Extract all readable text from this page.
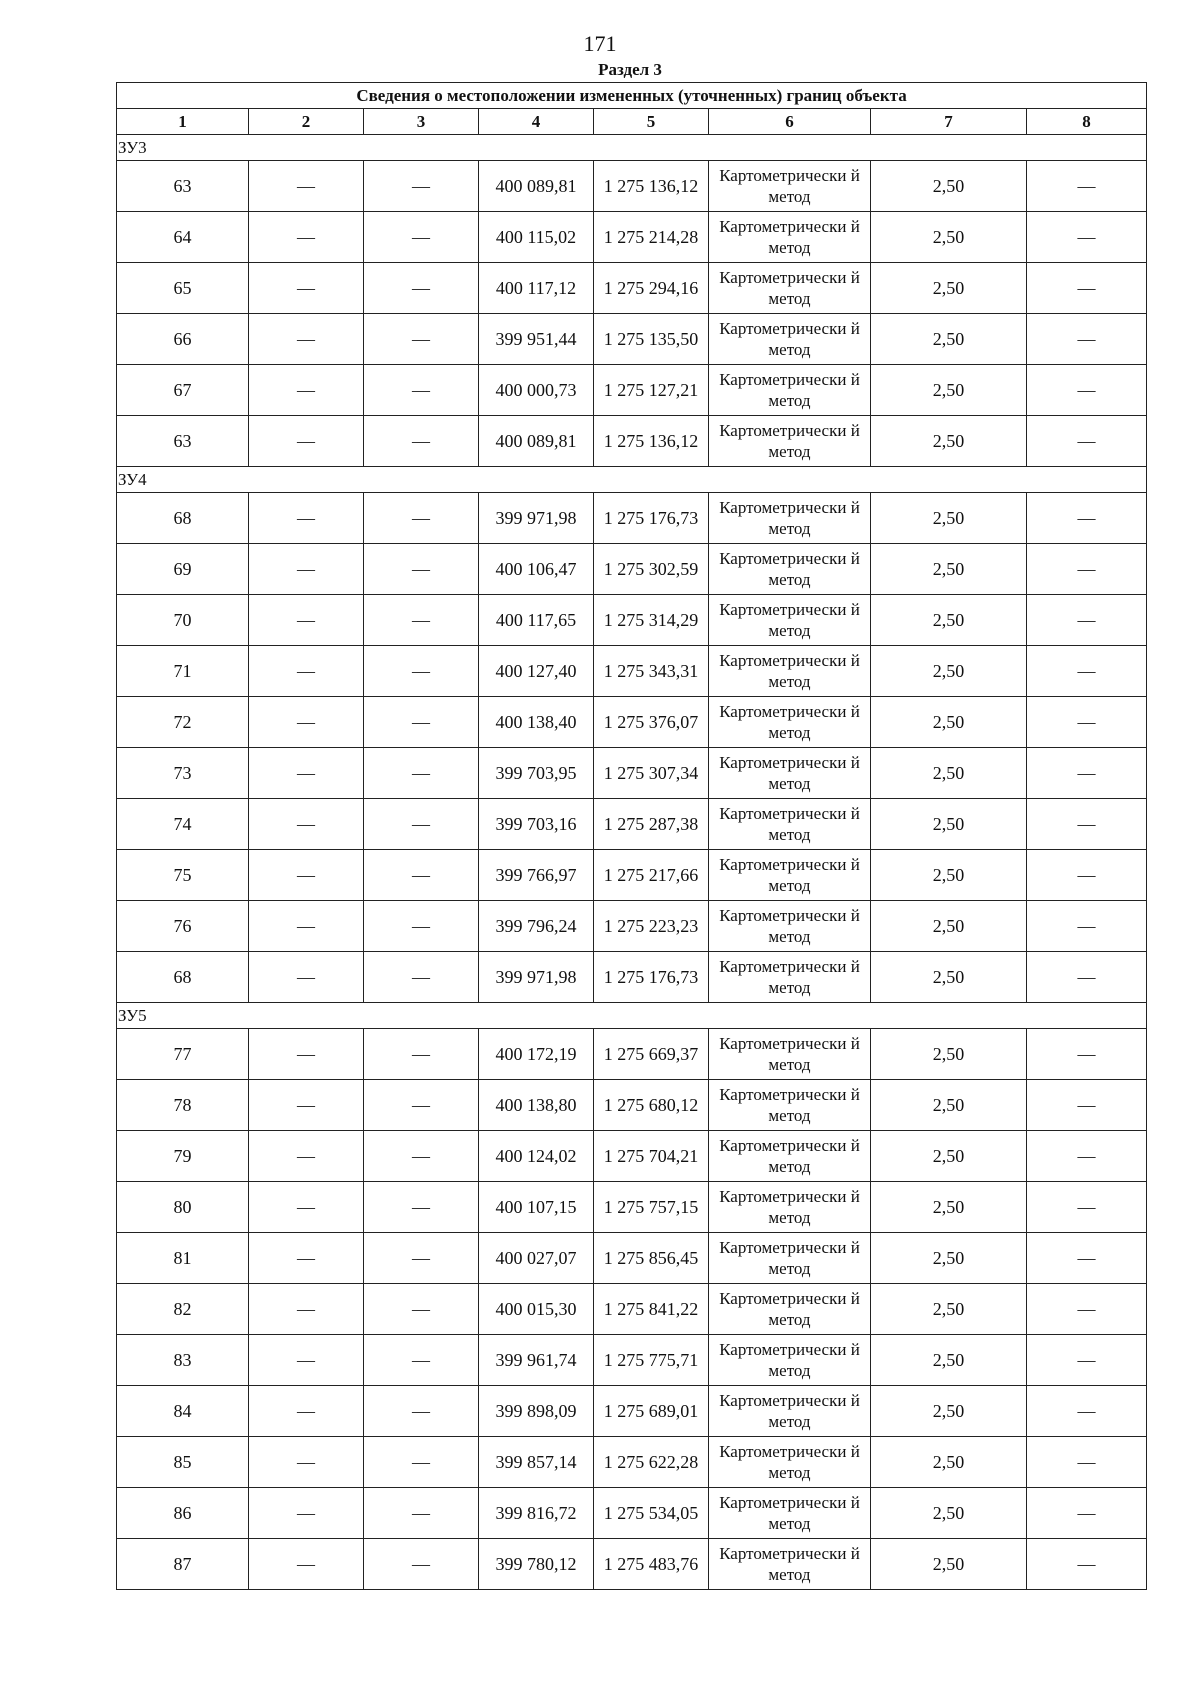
171
Раздел 3
Сведения о местоположении измененных (уточненных) границ объекта							
1	2	3	4	5	6	7	8
ЗУ3							
63	—	—	400 089,81	1 275 136,12	Картометрически й метод	2,50	—
64	—	—	400 115,02	1 275 214,28	Картометрически й метод	2,50	—
65	—	—	400 117,12	1 275 294,16	Картометрически й метод	2,50	—
66	—	—	399 951,44	1 275 135,50	Картометрически й метод	2,50	—
67	—	—	400 000,73	1 275 127,21	Картометрически й метод	2,50	—
63	—	—	400 089,81	1 275 136,12	Картометрически й метод	2,50	—
ЗУ4							
68	—	—	399 971,98	1 275 176,73	Картометрически й метод	2,50	—
69	—	—	400 106,47	1 275 302,59	Картометрически й метод	2,50	—
70	—	—	400 117,65	1 275 314,29	Картометрически й метод	2,50	—
71	—	—	400 127,40	1 275 343,31	Картометрически й метод	2,50	—
72	—	—	400 138,40	1 275 376,07	Картометрически й метод	2,50	—
73	—	—	399 703,95	1 275 307,34	Картометрически й метод	2,50	—
74	—	—	399 703,16	1 275 287,38	Картометрически й метод	2,50	—
75	—	—	399 766,97	1 275 217,66	Картометрически й метод	2,50	—
76	—	—	399 796,24	1 275 223,23	Картометрически й метод	2,50	—
68	—	—	399 971,98	1 275 176,73	Картометрически й метод	2,50	—
ЗУ5							
77	—	—	400 172,19	1 275 669,37	Картометрически й метод	2,50	—
78	—	—	400 138,80	1 275 680,12	Картометрически й метод	2,50	—
79	—	—	400 124,02	1 275 704,21	Картометрически й метод	2,50	—
80	—	—	400 107,15	1 275 757,15	Картометрически й метод	2,50	—
81	—	—	400 027,07	1 275 856,45	Картометрически й метод	2,50	—
82	—	—	400 015,30	1 275 841,22	Картометрически й метод	2,50	—
83	—	—	399 961,74	1 275 775,71	Картометрически й метод	2,50	—
84	—	—	399 898,09	1 275 689,01	Картометрически й метод	2,50	—
85	—	—	399 857,14	1 275 622,28	Картометрически й метод	2,50	—
86	—	—	399 816,72	1 275 534,05	Картометрически й метод	2,50	—
87	—	—	399 780,12	1 275 483,76	Картометрически й метод	2,50	—
